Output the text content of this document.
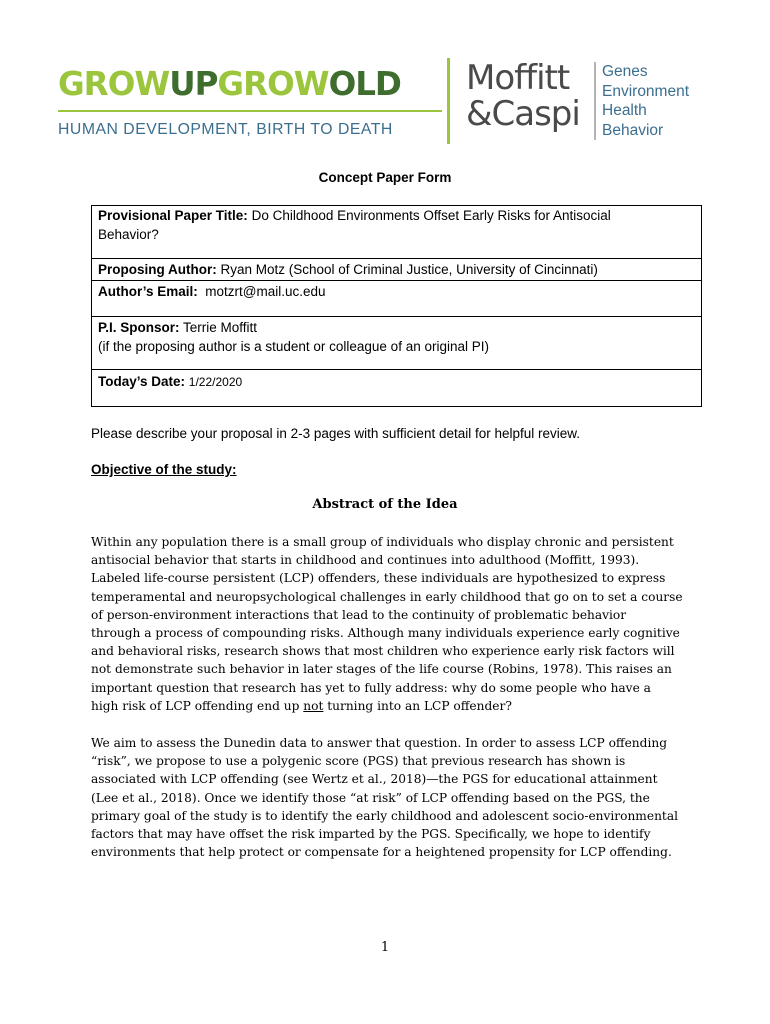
GROWUPGROWOLD
HUMAN DEVELOPMENT, BIRTH TO DEATH
Moffitt
&Caspi
Genes
Environment
Health
Behavior
Concept Paper Form
Provisional Paper Title: Do Childhood Environments Offset Early Risks for Antisocial
Behavior?
Proposing Author: Ryan Motz (School of Criminal Justice, University of Cincinnati)
Author’s Email: motzrt@mail.uc.edu
P.I. Sponsor: Terrie Moffitt
(if the proposing author is a student or colleague of an original PI)
Today’s Date: 1/22/2020
Please describe your proposal in 2-3 pages with sufficient detail for helpful review.
Objective of the study:
Abstract of the Idea
Within any population there is a small group of individuals who display chronic and persistent
antisocial behavior that starts in childhood and continues into adulthood (Moffitt, 1993).
Labeled life-course persistent (LCP) offenders, these individuals are hypothesized to express
temperamental and neuropsychological challenges in early childhood that go on to set a course
of person-environment interactions that lead to the continuity of problematic behavior
through a process of compounding risks. Although many individuals experience early cognitive
and behavioral risks, research shows that most children who experience early risk factors will
not demonstrate such behavior in later stages of the life course (Robins, 1978). This raises an
important question that research has yet to fully address: why do some people who have a
high risk of LCP offending end up not turning into an LCP offender?
We aim to assess the Dunedin data to answer that question. In order to assess LCP offending
“risk”, we propose to use a polygenic score (PGS) that previous research has shown is
associated with LCP offending (see Wertz et al., 2018)—the PGS for educational attainment
(Lee et al., 2018). Once we identify those “at risk” of LCP offending based on the PGS, the
primary goal of the study is to identify the early childhood and adolescent socio-environmental
factors that may have offset the risk imparted by the PGS. Specifically, we hope to identify
environments that help protect or compensate for a heightened propensity for LCP offending.
1
